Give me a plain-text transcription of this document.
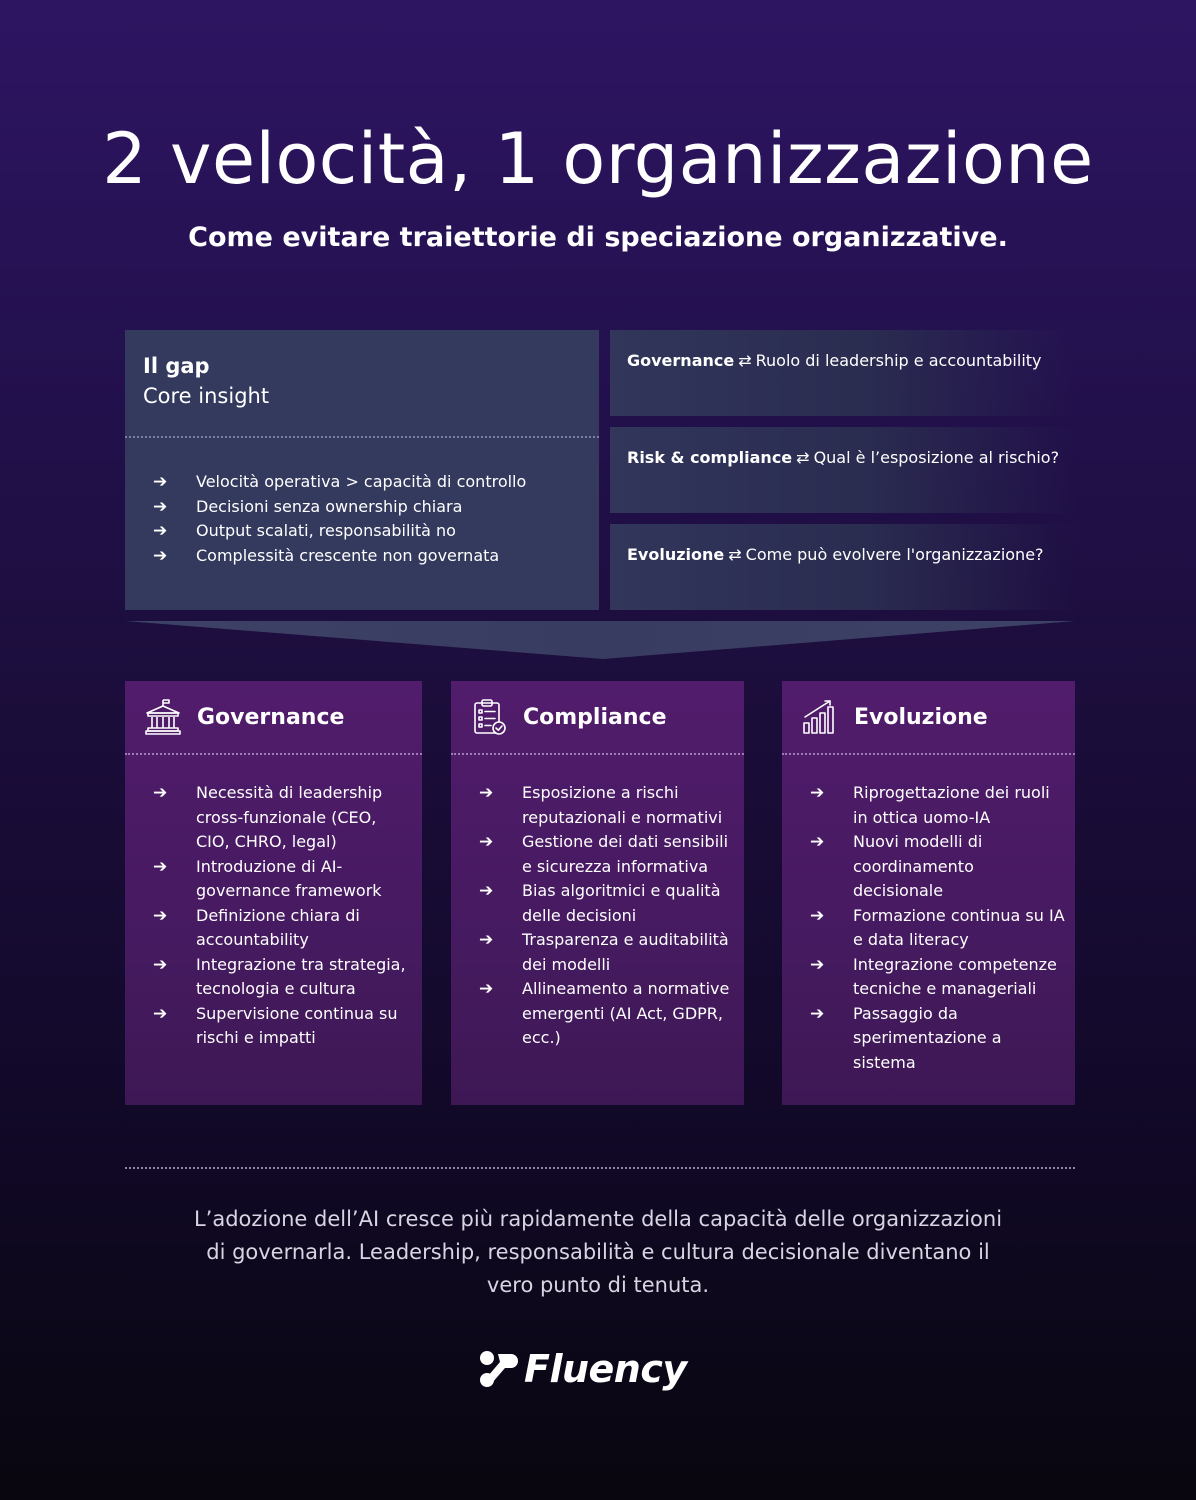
2 velocità, 1 organizzazione
Come evitare traiettorie di speciazione organizzative.
Il gap
Core insight
➔	Velocità operativa > capacità di controllo
➔	Decisioni senza ownership chiara
➔	Output scalati, responsabilità no
➔	Complessità crescente non governata
Governance ⇄ Ruolo di leadership e accountability
Risk & compliance ⇄ Qual è l’esposizione al rischio?
Evoluzione ⇄ Come può evolvere l'organizzazione?
Governance
➔	Necessità di leadership cross-funzionale (CEO, CIO, CHRO, legal)
➔	Introduzione di AI-governance framework
➔	Definizione chiara di accountability
➔	Integrazione tra strategia, tecnologia e cultura
➔	Supervisione continua su rischi e impatti
Compliance
➔	Esposizione a rischi reputazionali e normativi
➔	Gestione dei dati sensibili e sicurezza informativa
➔	Bias algoritmici e qualità delle decisioni
➔	Trasparenza e auditabilità dei modelli
➔	Allineamento a normative emergenti (AI Act, GDPR, ecc.)
Evoluzione
➔	Riprogettazione dei ruoli in ottica uomo-IA
➔	Nuovi modelli di coordinamento decisionale
➔	Formazione continua su IA e data literacy
➔	Integrazione competenze tecniche e manageriali
➔	Passaggio da sperimentazione a sistema

L’adozione dell’AI cresce più rapidamente della capacità delle organizzazioni di governarla. Leadership, responsabilità e cultura decisionale diventano il vero punto di tenuta.

Fluency
